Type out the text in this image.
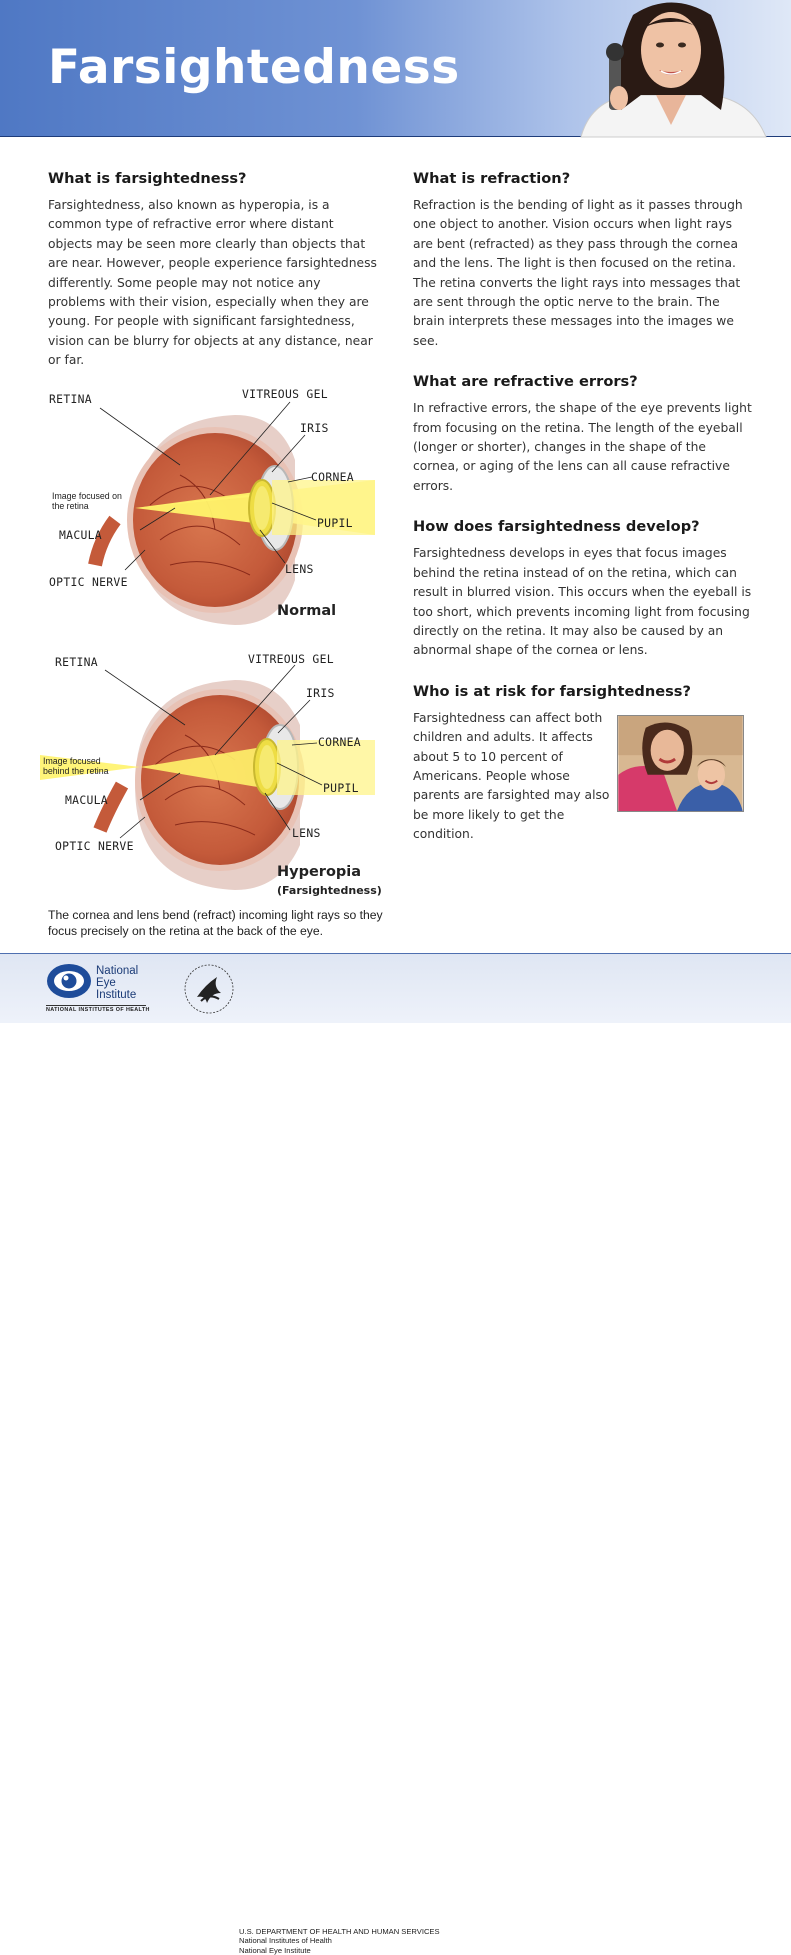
Farsightedness
What is farsightedness?

Farsightedness, also known as hyperopia, is a common type of refractive error where distant objects may be seen more clearly than objects that are near. However, people experience farsightedness differently. Some people may not notice any problems with their vision, especially when they are young. For people with significant farsightedness, vision can be blurry for objects at any distance, near or far.

RETINA	VITREOUS GEL
IRIS
CORNEA
Image focused on the retina
PUPIL
MACULA
LENS
OPTIC NERVE
Normal
RETINA	VITREOUS GEL
IRIS
CORNEA
Image focused behind the retina
PUPIL
MACULA
LENS
OPTIC NERVE
Hyperopia
(Farsightedness)
The cornea and lens bend (refract) incoming light rays so they focus precisely on the retina at the back of the eye.
What is refraction?

Refraction is the bending of light as it passes through one object to another. Vision occurs when light rays are bent (refracted) as they pass through the cornea and the lens. The light is then focused on the retina. The retina converts the light rays into messages that are sent through the optic nerve to the brain. The brain interprets these messages into the images we see.

What are refractive errors?

In refractive errors, the shape of the eye prevents light from focusing on the retina. The length of the eyeball (longer or shorter), changes in the shape of the cornea, or aging of the lens can all cause refractive errors.

How does farsightedness develop?

Farsightedness develops in eyes that focus images behind the retina instead of on the retina, which can result in blurred vision. This occurs when the eyeball is too short, which prevents incoming light from focusing directly on the retina. It may also be caused by an abnormal shape of the cornea or lens.

Who is at risk for farsightedness?

Farsightedness can affect both children and adults. It affects about 5 to 10 percent of Americans. People whose parents are farsighted may also be more likely to get the condition.

National
Eye
Institute
U.S. DEPARTMENT OF HEALTH AND HUMAN SERVICES
National Institutes of Health
National Eye Institute
NATIONAL INSTITUTES OF HEALTH
